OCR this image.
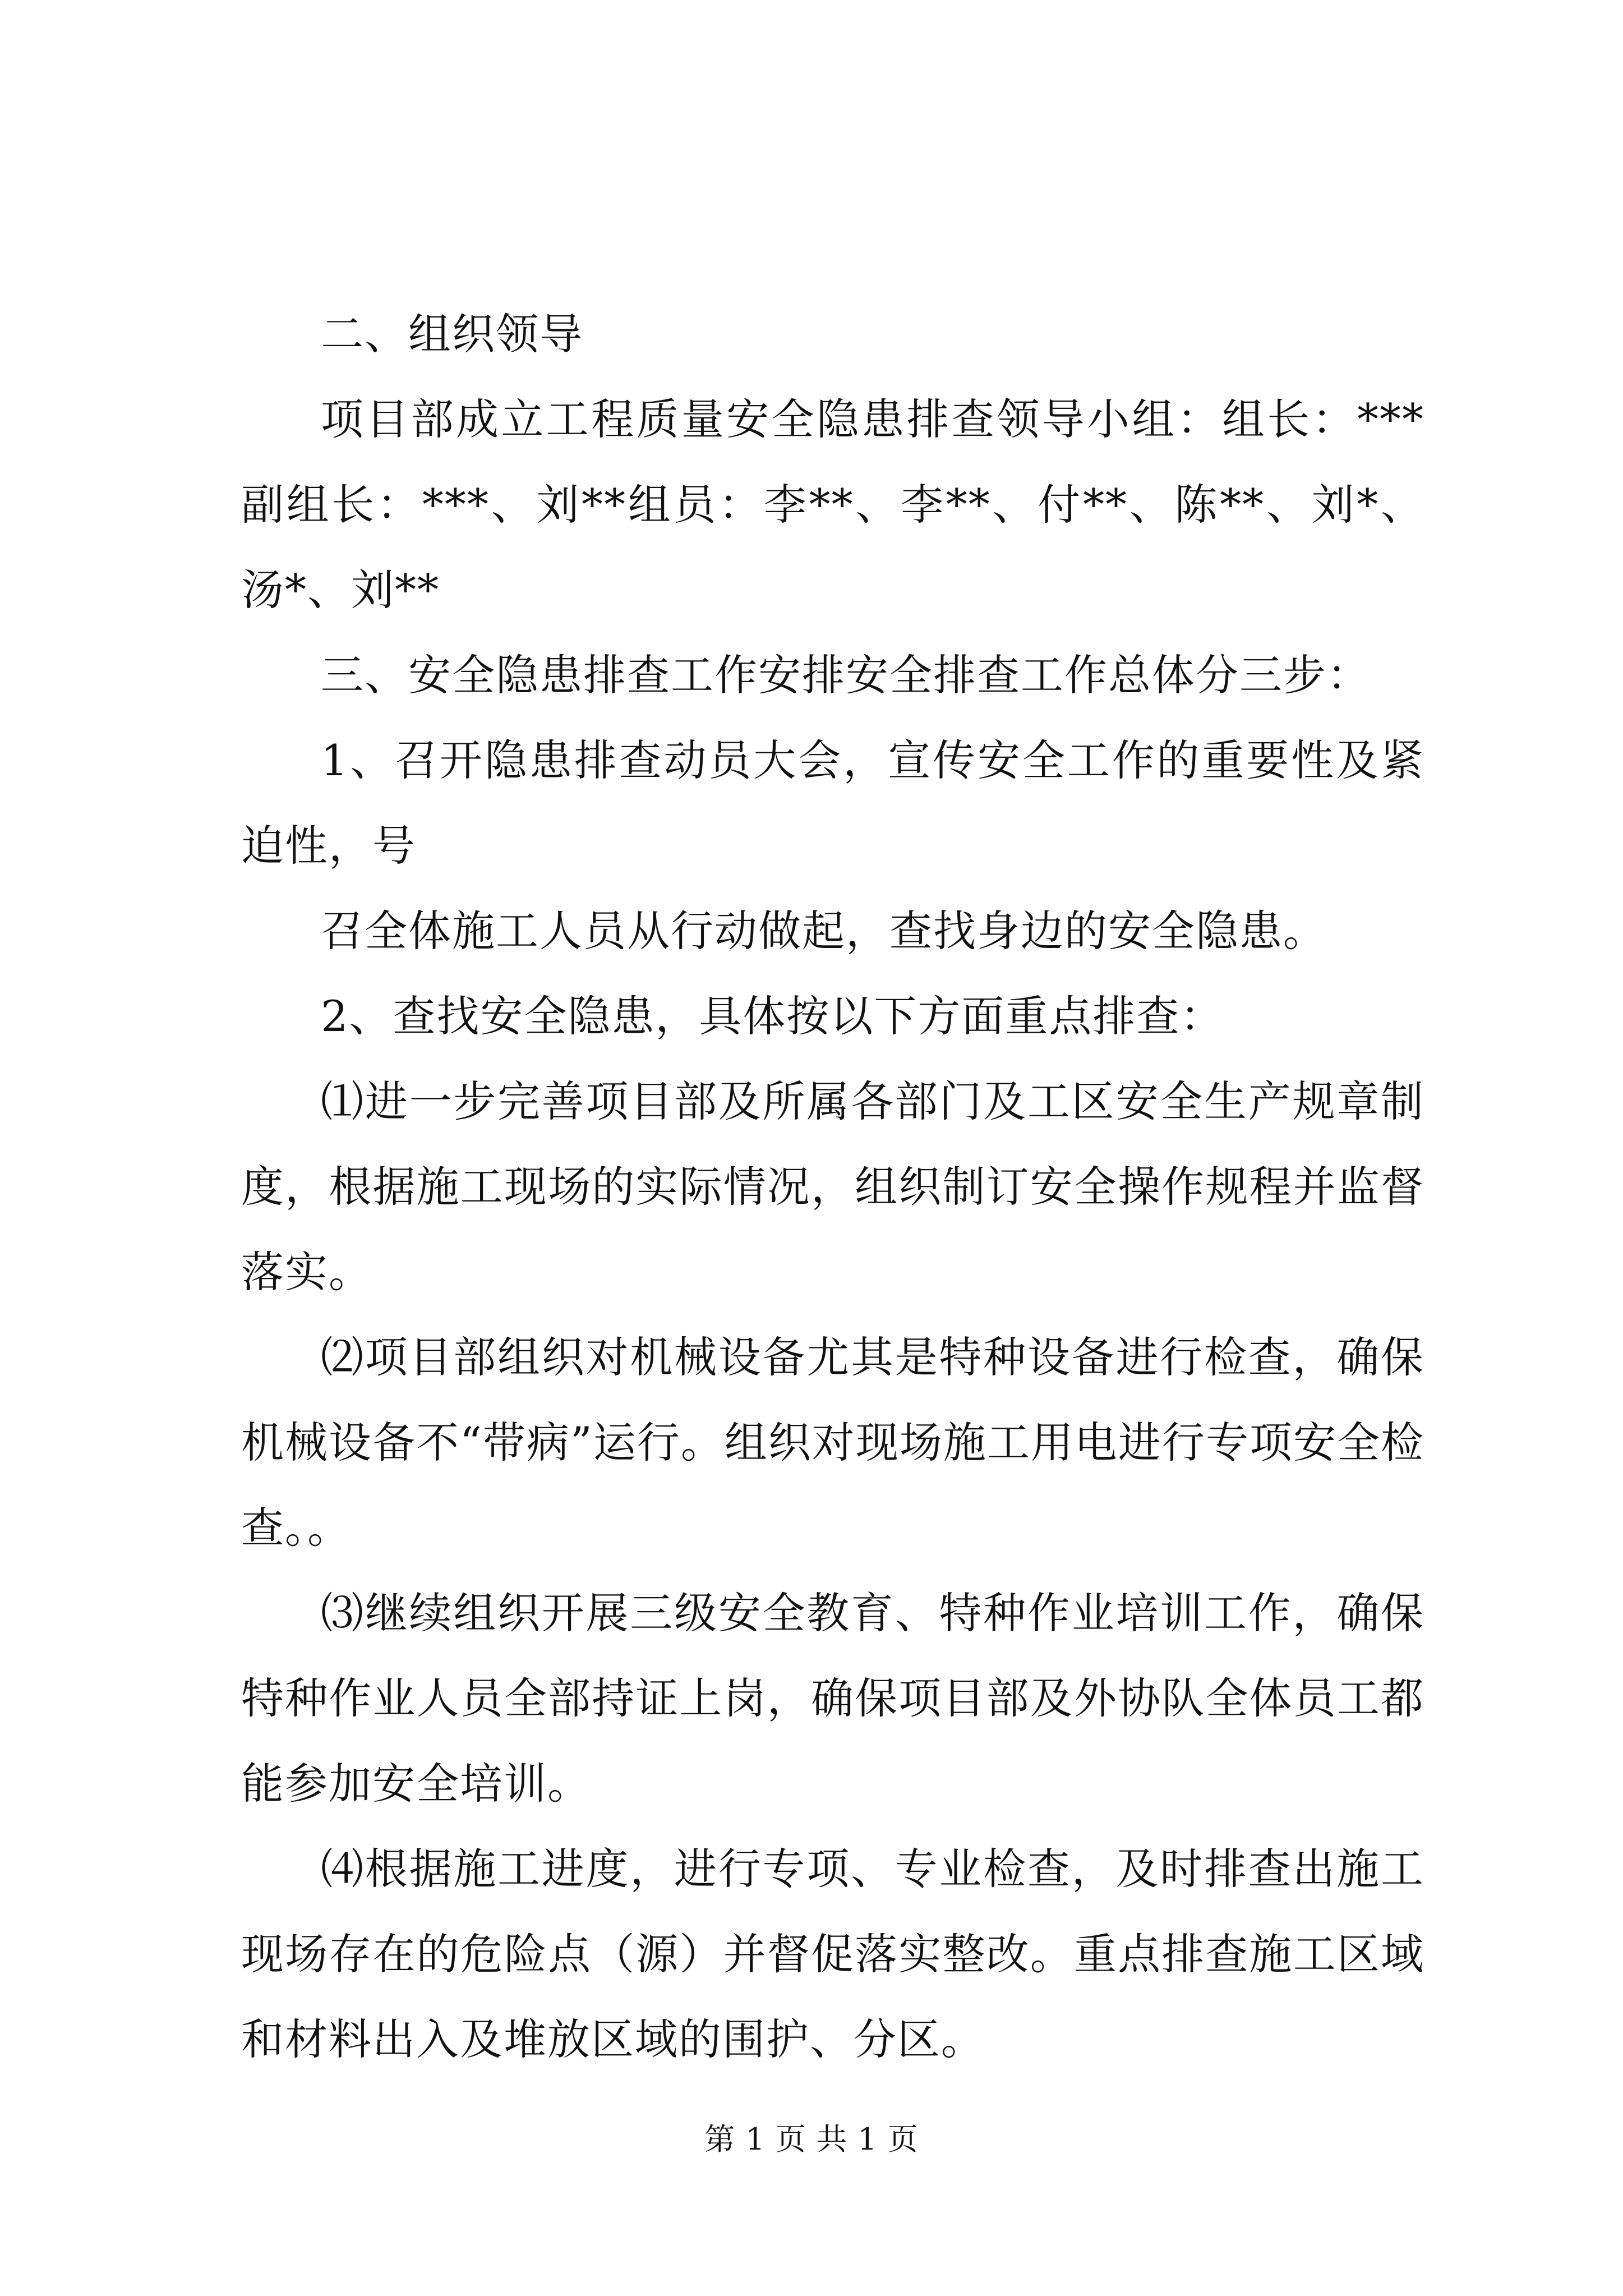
二、组织领导

项目部成立工程质量安全隐患排查领导小组：组长：***副组长：***、刘**组员：李**、李**、付**、陈**、刘*、汤*、刘**

三、安全隐患排查工作安排安全排查工作总体分三步：

1、召开隐患排查动员大会，宣传安全工作的重要性及紧迫性，号

召全体施工人员从行动做起，查找身边的安全隐患。

2、查找安全隐患，具体按以下方面重点排查：

⑴进一步完善项目部及所属各部门及工区安全生产规章制度，根据施工现场的实际情况，组织制订安全操作规程并监督落实。

⑵项目部组织对机械设备尤其是特种设备进行检查，确保机械设备不“带病”运行。组织对现场施工用电进行专项安全检查。。

⑶继续组织开展三级安全教育、特种作业培训工作，确保特种作业人员全部持证上岗，确保项目部及外协队全体员工都能参加安全培训。

⑷根据施工进度，进行专项、专业检查，及时排查出施工现场存在的危险点（源）并督促落实整改。重点排查施工区域和材料出入及堆放区域的围护、分区。

第 1 页 共 1 页
